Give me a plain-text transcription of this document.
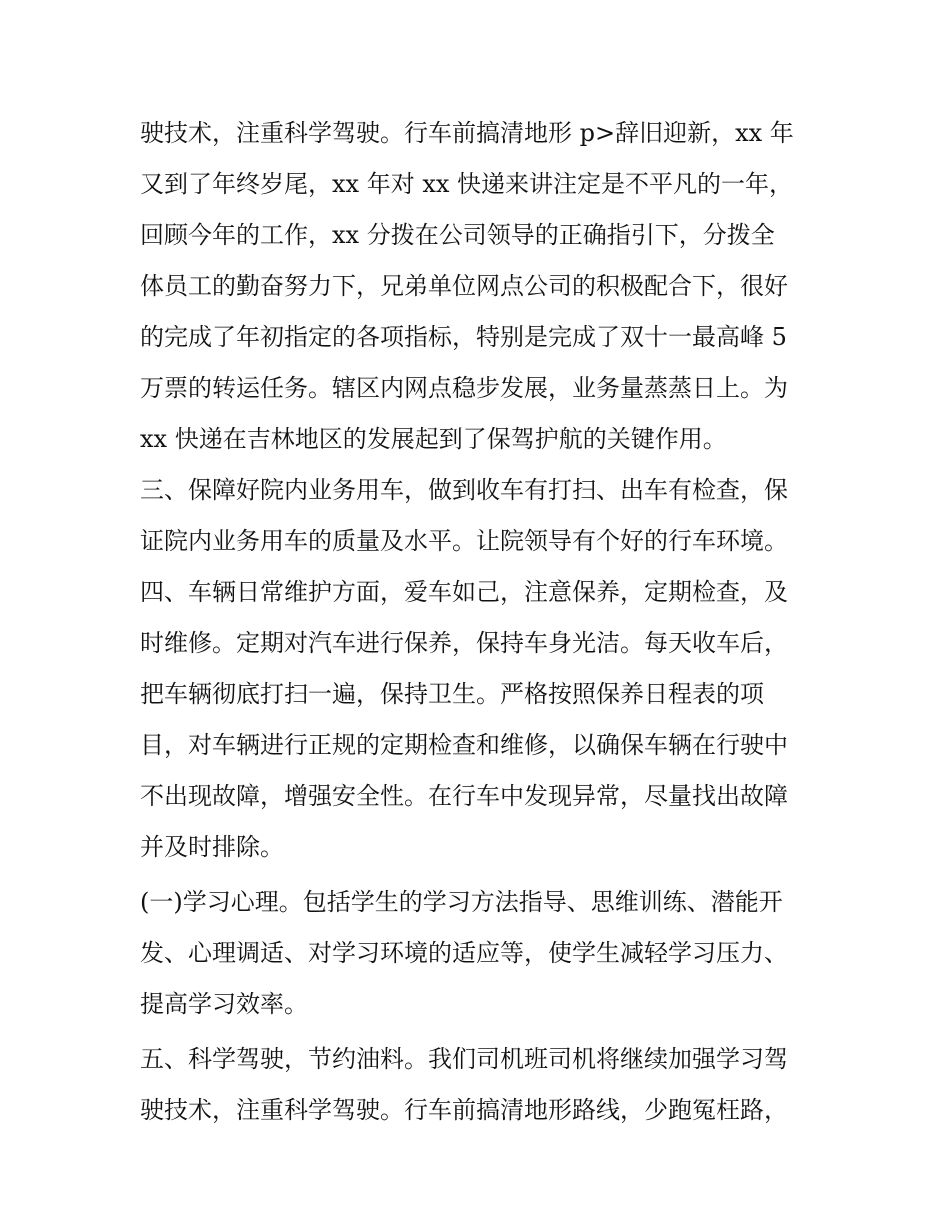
驶技术，注重科学驾驶。行车前搞清地形 p>辞旧迎新，xx 年
又到了年终岁尾，xx 年对 xx 快递来讲注定是不平凡的一年，
回顾今年的工作，xx 分拨在公司领导的正确指引下，分拨全
体员工的勤奋努力下，兄弟单位网点公司的积极配合下，很好
的完成了年初指定的各项指标，特别是完成了双十一最高峰 5
万票的转运任务。辖区内网点稳步发展，业务量蒸蒸日上。为
xx 快递在吉林地区的发展起到了保驾护航的关键作用。
三、保障好院内业务用车，做到收车有打扫、出车有检查，保
证院内业务用车的质量及水平。让院领导有个好的行车环境。
四、车辆日常维护方面，爱车如己，注意保养，定期检查，及
时维修。定期对汽车进行保养，保持车身光洁。每天收车后，
把车辆彻底打扫一遍，保持卫生。严格按照保养日程表的项
目，对车辆进行正规的定期检查和维修，以确保车辆在行驶中
不出现故障，增强安全性。在行车中发现异常，尽量找出故障
并及时排除。
(一)学习心理。包括学生的学习方法指导、思维训练、潜能开
发、心理调适、对学习环境的适应等，使学生减轻学习压力、
提高学习效率。
五、科学驾驶，节约油料。我们司机班司机将继续加强学习驾
驶技术，注重科学驾驶。行车前搞清地形路线，少跑冤枉路，
